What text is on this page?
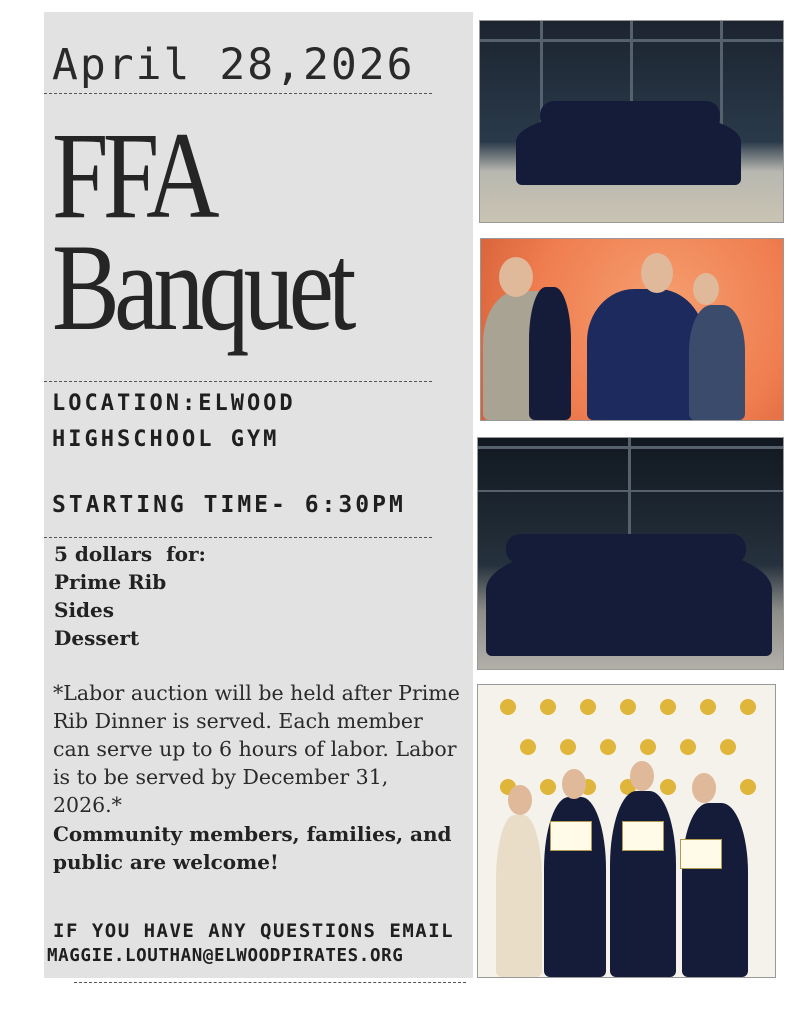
April 28,2026
FFA
Banquet
LOCATION:ELWOOD
HIGHSCHOOL GYM
STARTING TIME- 6:30PM
5 dollars  for:
Prime Rib
Sides
Dessert
*Labor auction will be held after Prime Rib Dinner is served. Each member can serve up to 6 hours of labor. Labor is to be served by December 31, 2026.*
Community members, families, and public are welcome!
IF YOU HAVE ANY QUESTIONS EMAIL
MAGGIE.LOUTHAN@ELWOODPIRATES.ORG
